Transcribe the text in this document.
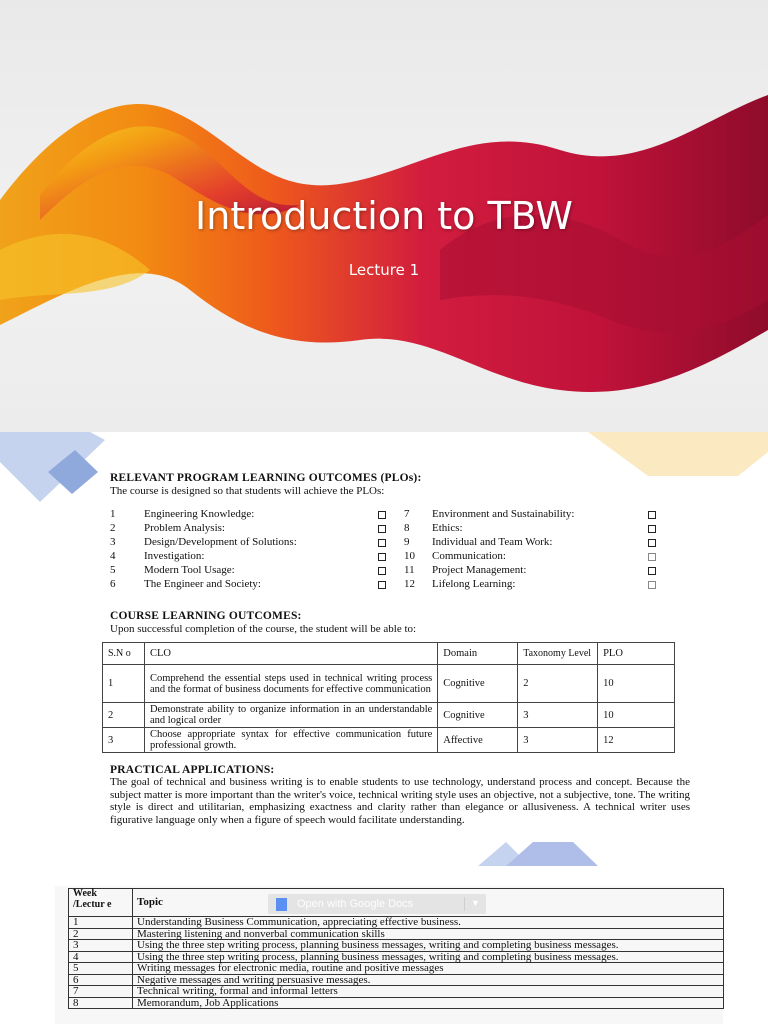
Introduction to TBW
Lecture 1
RELEVANT PROGRAM LEARNING OUTCOMES (PLOs):
The course is designed so that students will achieve the PLOs:
1	Engineering Knowledge:
2	Problem Analysis:
3	Design/Development of Solutions:
4	Investigation:
5	Modern Tool Usage:
6	The Engineer and Society:
7	Environment and Sustainability:
8	Ethics:
9	Individual and Team Work:
10	Communication:
11	Project Management:
12	Lifelong Learning:
COURSE LEARNING OUTCOMES:
Upon successful completion of the course, the student will be able to:
S.N o	CLO	Domain	Taxonomy Level	PLO
1	Comprehend the essential steps used in technical writing process and the format of business documents for effective communication	Cognitive	2	10
2	Demonstrate ability to organize information in an understandable and logical order	Cognitive	3	10
3	Choose appropriate syntax for effective communication future professional growth.	Affective	3	12
PRACTICAL APPLICATIONS:
The goal of technical and business writing is to enable students to use technology, understand process and concept. Because the subject matter is more important than the writer's voice, technical writing style uses an objective, not a subjective, tone. The writing style is direct and utilitarian, emphasizing exactness and clarity rather than elegance or allusiveness. A technical writer uses figurative language only when a figure of speech would facilitate understanding.
Week /Lectur e	Topic
1	Understanding Business Communication, appreciating effective business.
2	Mastering listening and nonverbal communication skills
3	Using the three step writing process, planning business messages, writing and completing business messages.
4	Using the three step writing process, planning business messages, writing and completing business messages.
5	Writing messages for electronic media, routine and positive messages
6	Negative messages and writing persuasive messages.
7	Technical writing, formal and informal letters
8	Memorandum, Job Applications
Open with Google Docs	▼
